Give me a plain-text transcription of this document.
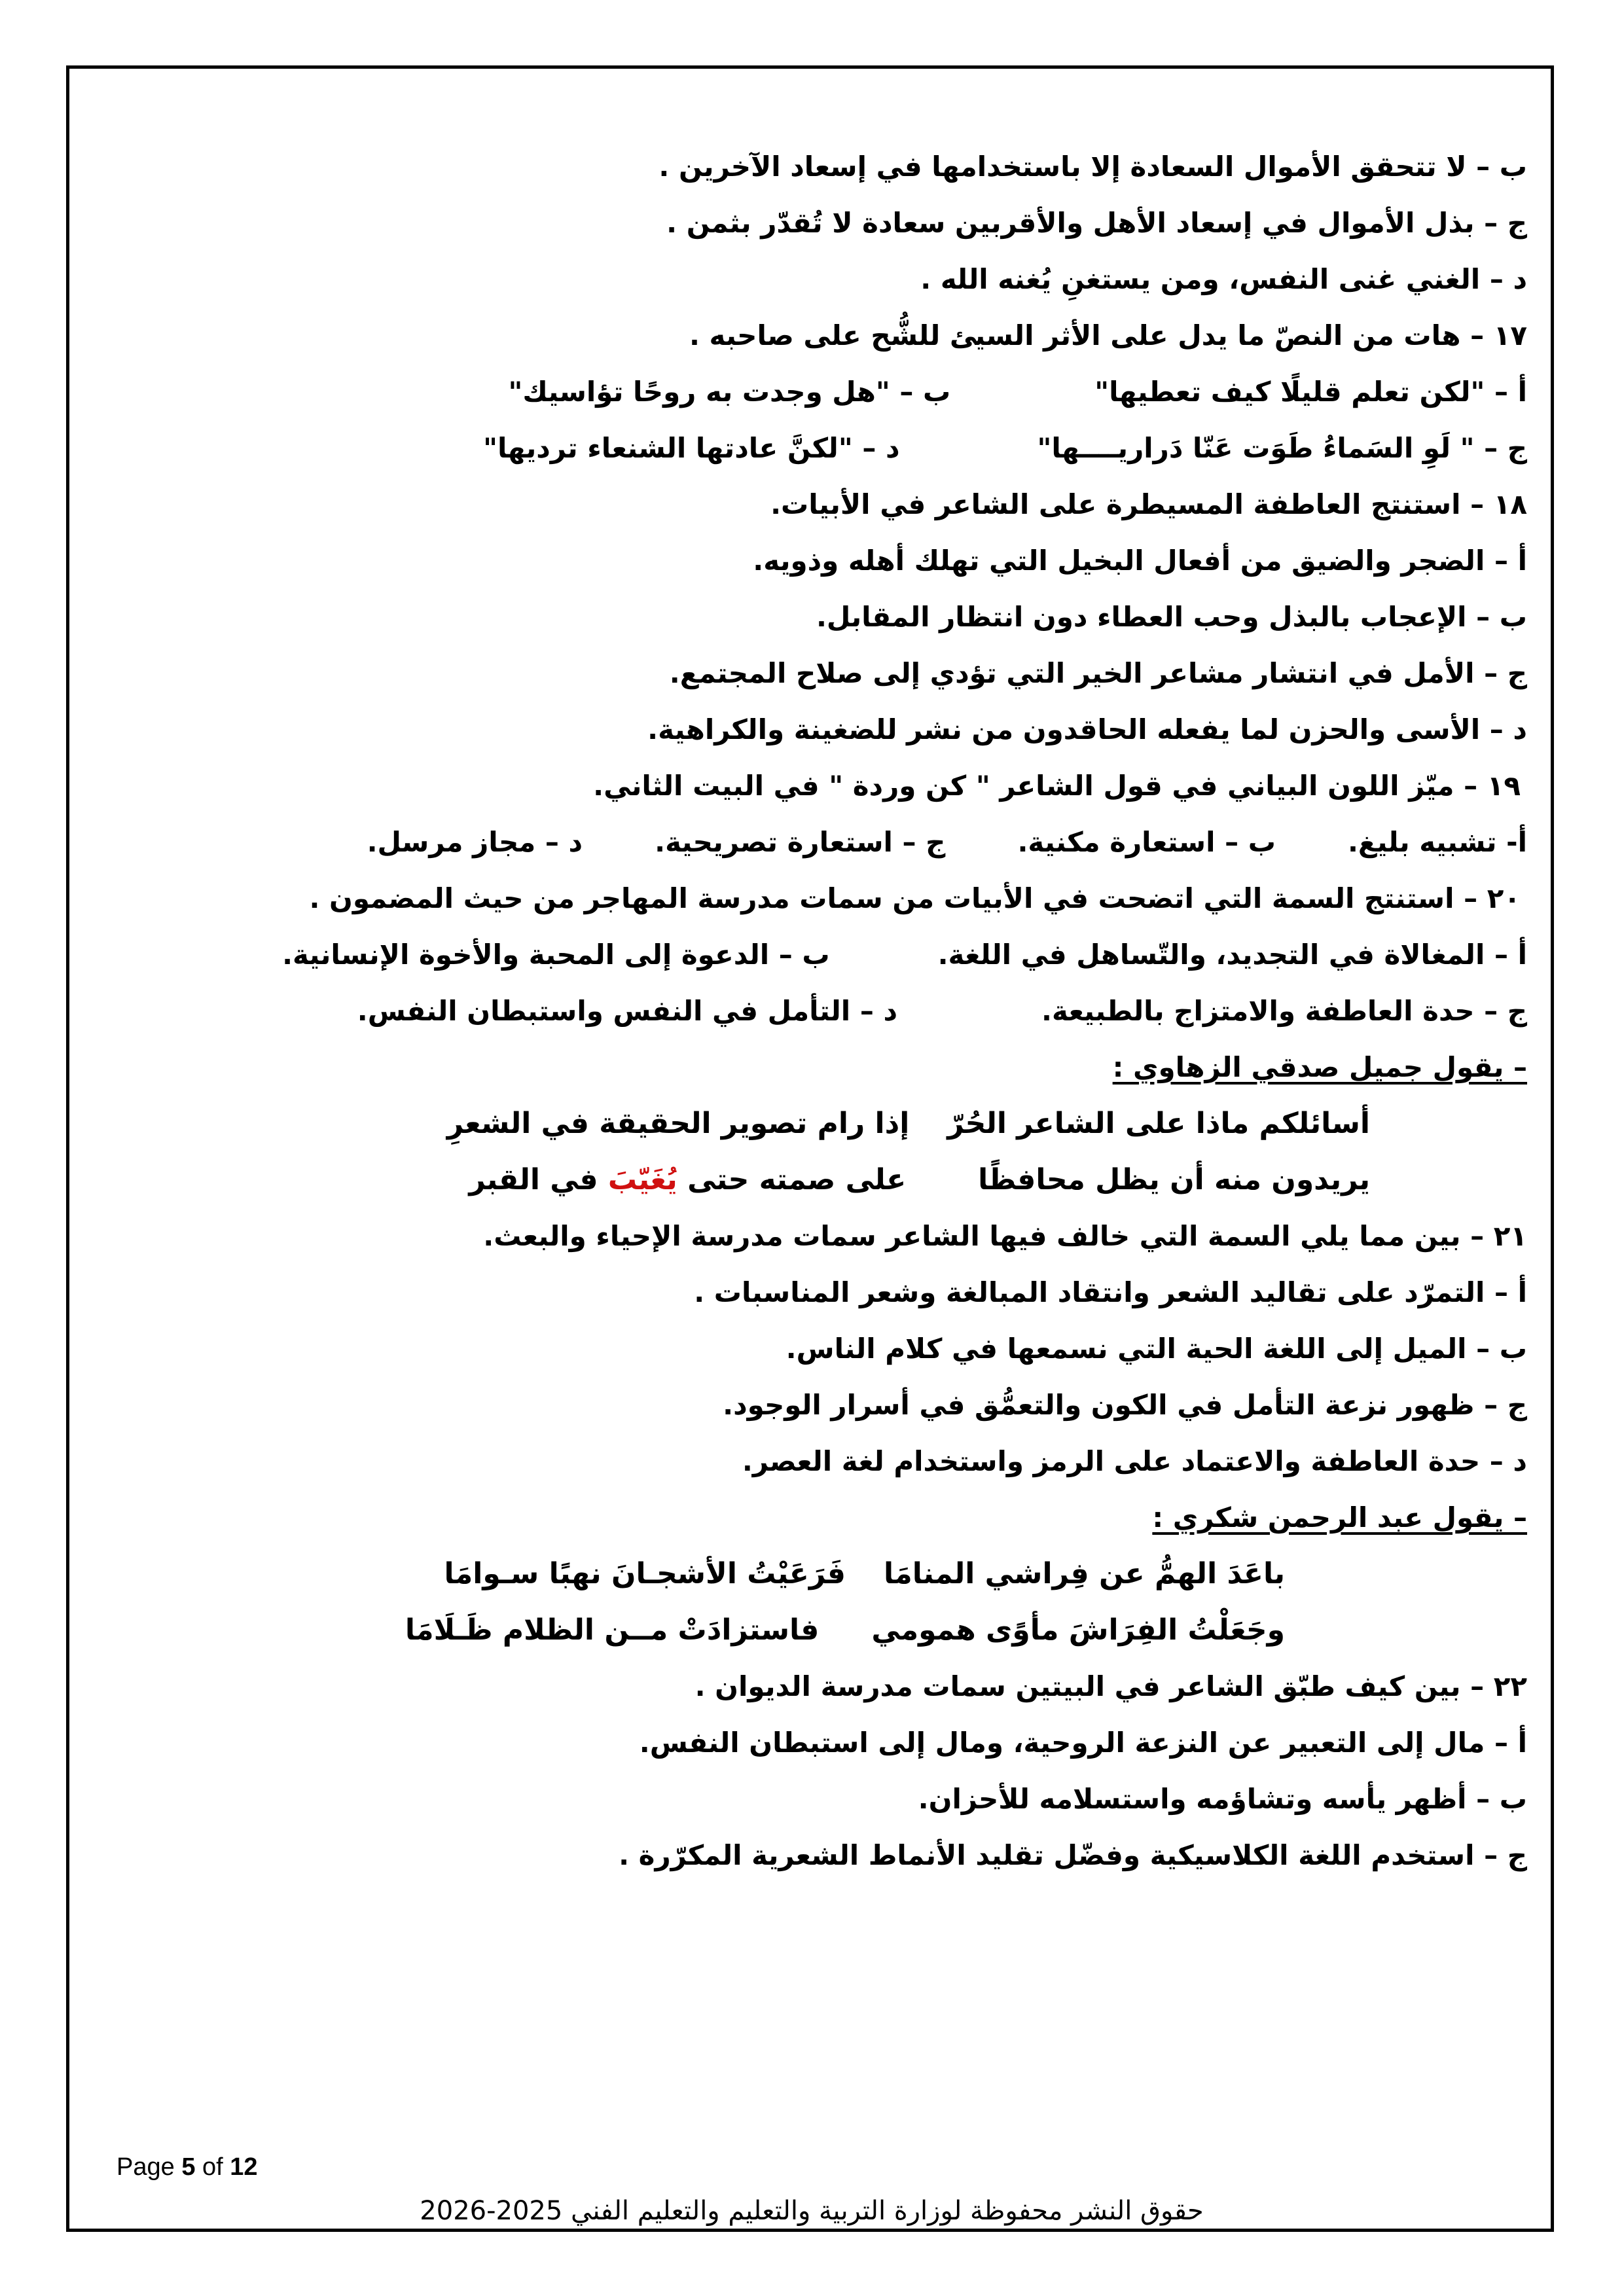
ب – لا تتحقق الأموال السعادة إلا باستخدامها في إسعاد الآخرين .
ج – بذل الأموال في إسعاد الأهل والأقربين سعادة لا تُقدّر بثمن .
د – الغني غنى النفس، ومن يستغنِ يُغنه الله .
١٧ – هات من النصّ ما يدل على الأثر السيئ للشُّح على صاحبه .
أ – "لكن تعلم قليلًا كيف تعطيها"
ب – "هل وجدت به روحًا تؤاسيك"
ج – " لَوِ السَماءُ طَوَت عَنّا دَراريــــها"
د – "لكنَّ عادتها الشنعاء ترديها"
١٨ – استنتج العاطفة المسيطرة على الشاعر في الأبيات.
أ – الضجر والضيق من أفعال البخيل التي تهلك أهله وذويه.
ب – الإعجاب بالبذل وحب العطاء دون انتظار المقابل.
ج – الأمل في انتشار مشاعر الخير التي تؤدي إلى صلاح المجتمع.
د – الأسى والحزن لما يفعله الحاقدون من نشر للضغينة والكراهية.
١٩ – ميّز اللون البياني في قول الشاعر " كن وردة " في البيت الثاني.
أ- تشبيه بليغ.
ب – استعارة مكنية.
ج – استعارة تصريحية.
د – مجاز مرسل.
٢٠ – استنتج السمة التي اتضحت في الأبيات من سمات مدرسة المهاجر من حيث المضمون .
أ – المغالاة في التجديد، والتّساهل في اللغة.
ب – الدعوة إلى المحبة والأخوة الإنسانية.
ج – حدة العاطفة والامتزاج بالطبيعة.
د – التأمل في النفس واستبطان النفس.
– يقول جميل صدقي الزهاوي :
أسائلكم ماذا على الشاعر الحُرّ
إذا رام تصوير الحقيقة في الشعرِ
يريدون منه أن يظل محافظًا
على صمته حتى يُغَيّبَ في القبر
٢١ – بين مما يلي السمة التي خالف فيها الشاعر سمات مدرسة الإحياء والبعث.
أ – التمرّد على تقاليد الشعر وانتقاد المبالغة وشعر المناسبات .
ب – الميل إلى اللغة الحية التي نسمعها في كلام الناس.
ج – ظهور نزعة التأمل في الكون والتعمُّق في أسرار الوجود.
د – حدة العاطفة والاعتماد على الرمز واستخدام لغة العصر.
– يقول عبد الرحمن شكري :
باعَدَ الهمُّ عن فِراشي المنامَا
فَرَعَيْتُ الأشجـانَ نهبًا سـوامَا
وجَعَلْتُ الفِرَاشَ مأوًى همومي
فاستزادَتْ مــن الظلام ظَـلَامَا
٢٢ – بين كيف طبّق الشاعر في البيتين سمات مدرسة الديوان .
أ – مال إلى التعبير عن النزعة الروحية، ومال إلى استبطان النفس.
ب – أظهر يأسه وتشاؤمه واستسلامه للأحزان.
ج – استخدم اللغة الكلاسيكية وفضّل تقليد الأنماط الشعرية المكرّرة .
Page 5 of 12
حقوق النشر محفوظة لوزارة التربية والتعليم والتعليم الفني 2025-2026
